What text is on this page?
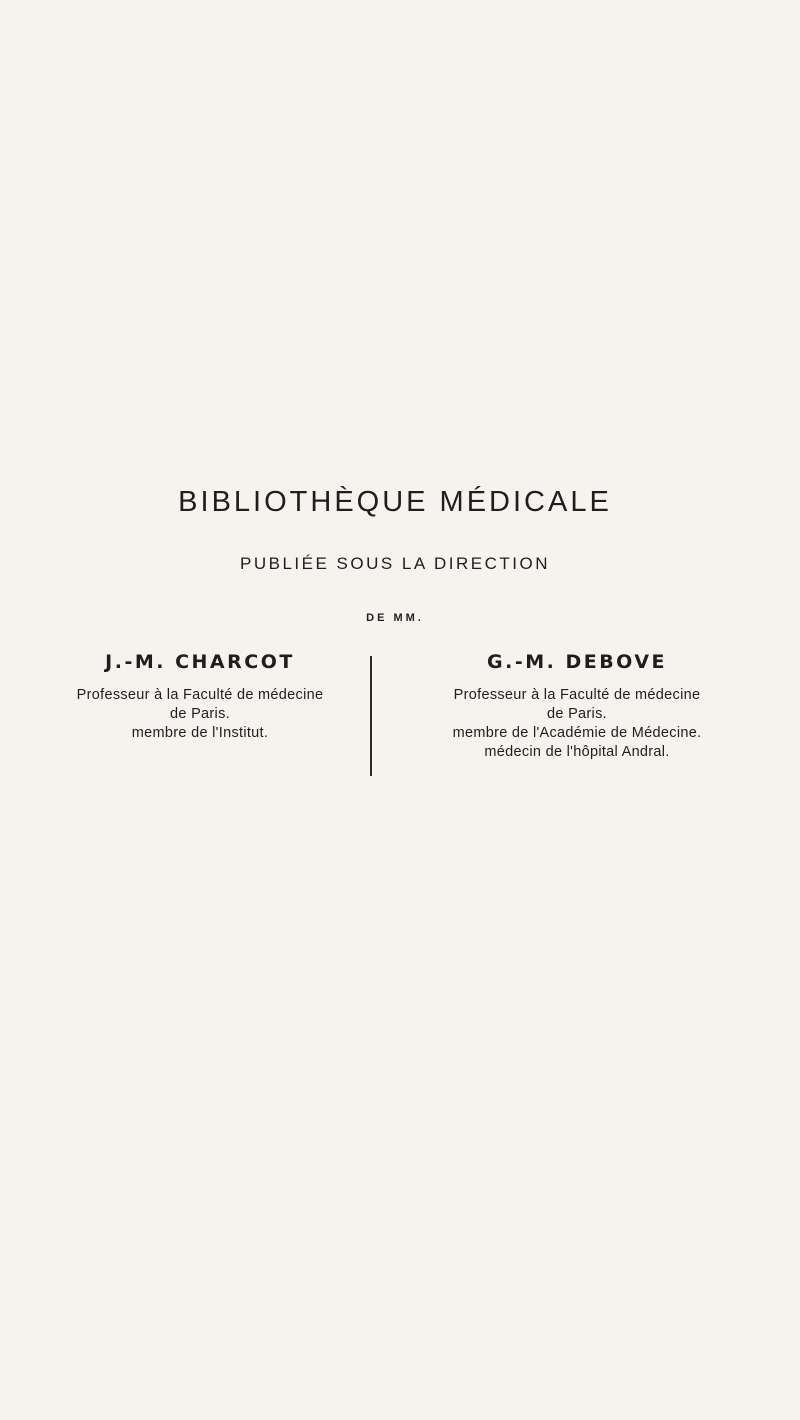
BIBLIOTHÈQUE MÉDICALE

PUBLIÉE SOUS LA DIRECTION

DE MM.

J.-M. CHARCOT

Professeur à la Faculté de médecine

de Paris.

membre de l'Institut.

G.-M. DEBOVE

Professeur à la Faculté de médecine

de Paris.

membre de l'Académie de Médecine.

médecin de l'hôpital Andral.
